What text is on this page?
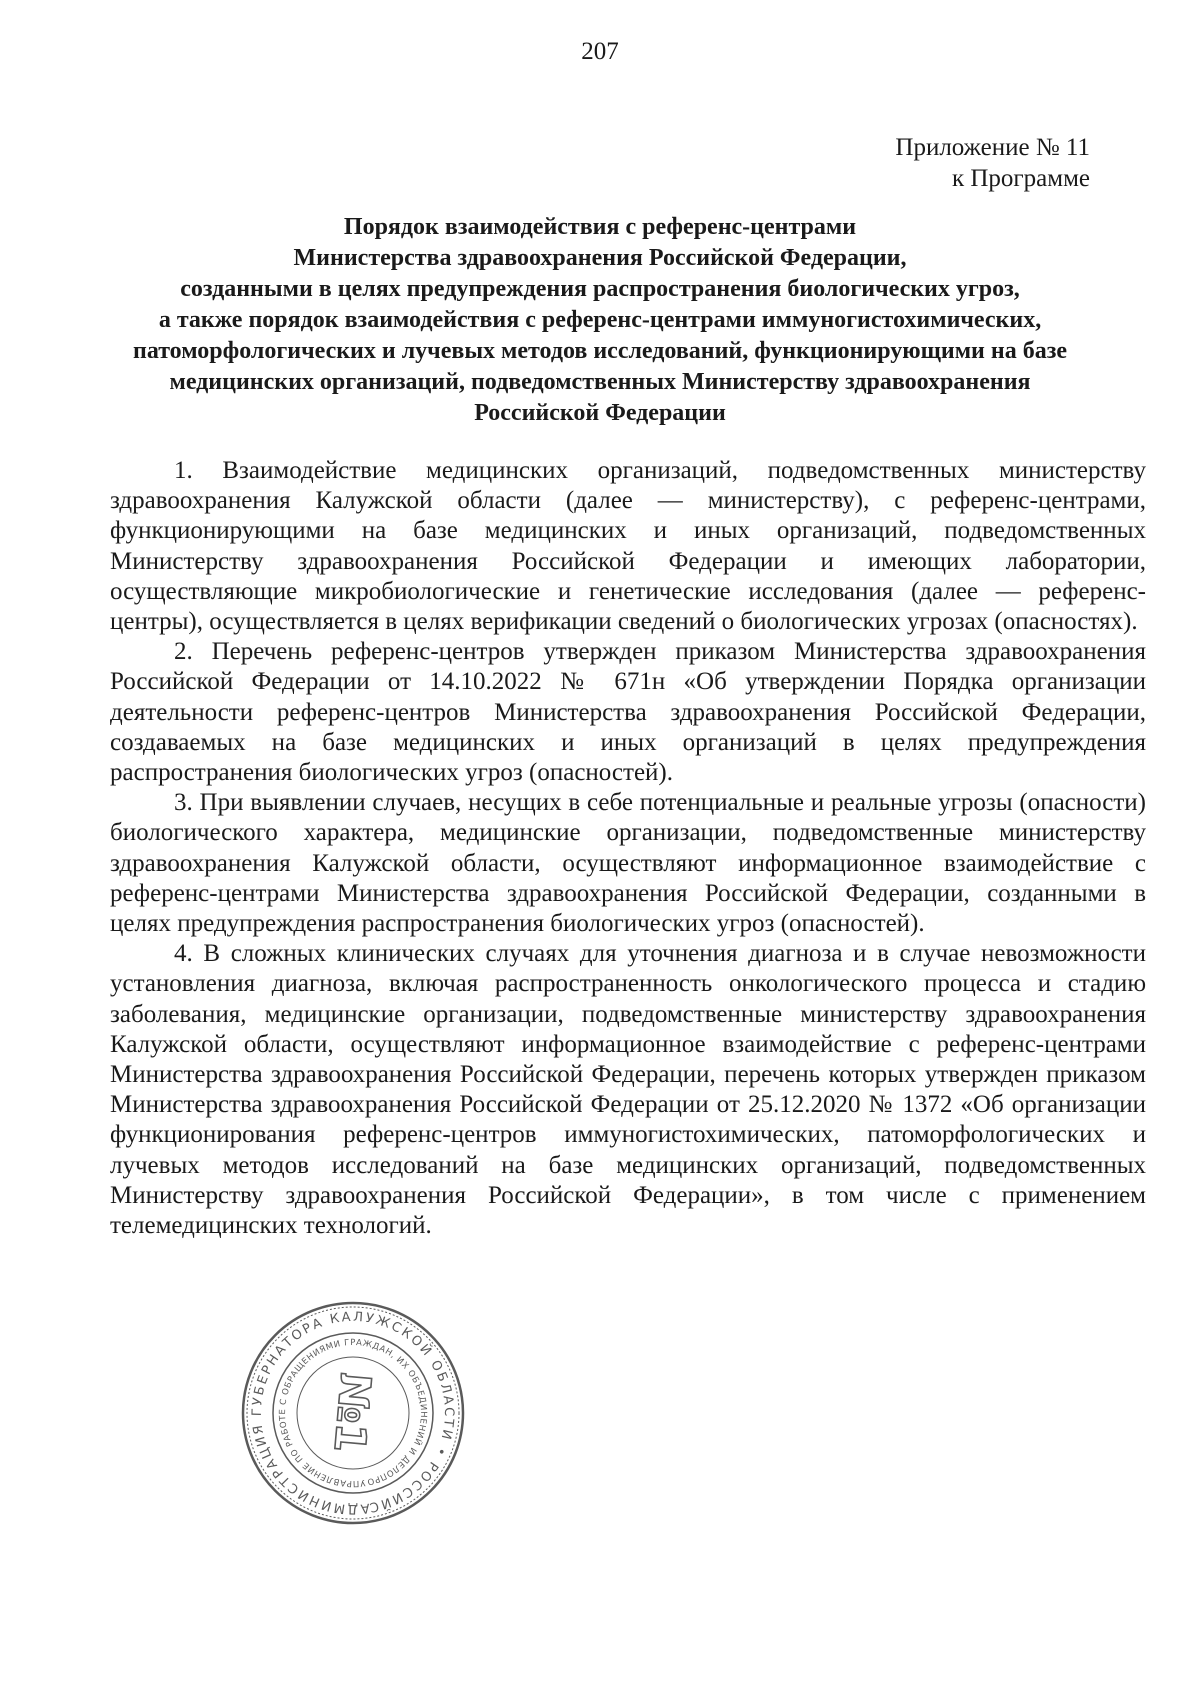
207
Приложение № 11
к Программе
Порядок взаимодействия с референс-центрами
Министерства здравоохранения Российской Федерации,
созданными в целях предупреждения распространения биологических угроз,
а также порядок взаимодействия с референс-центрами иммуногистохимических,
патоморфологических и лучевых методов исследований, функционирующими на базе
медицинских организаций, подведомственных Министерству здравоохранения
Российской Федерации

1. Взаимодействие медицинских организаций, подведомственных министерству здравоохранения Калужской области (далее — министерству), с референс-центрами, функционирующими на базе медицинских и иных организаций, подведомственных Министерству здравоохранения Российской Федерации и имеющих лаборатории, осуществляющие микробиологические и генетические исследования (далее — референс-центры), осуществляется в целях верификации сведений о биологических угрозах (опасностях).

2. Перечень референс-центров утвержден приказом Министерства здравоохранения Российской Федерации от 14.10.2022 № 671н «Об утверждении Порядка организации деятельности референс-центров Министерства здравоохранения Российской Федерации, создаваемых на базе медицинских и иных организаций в целях предупреждения распространения биологических угроз (опасностей).

3. При выявлении случаев, несущих в себе потенциальные и реальные угрозы (опасности) биологического характера, медицинские организации, подведомственные министерству здравоохранения Калужской области, осуществляют информационное взаимодействие с референс-центрами Министерства здравоохранения Российской Федерации, созданными в целях предупреждения распространения биологических угроз (опасностей).

4. В сложных клинических случаях для уточнения диагноза и в случае невозможности установления диагноза, включая распространенность онкологического процесса и стадию заболевания, медицинские организации, подведомственные министерству здравоохранения Калужской области, осуществляют информационное взаимодействие с референс-центрами Министерства здравоохранения Российской Федерации, перечень которых утвержден приказом Министерства здравоохранения Российской Федерации от 25.12.2020 № 1372 «Об организации функционирования референс-центров иммуногистохимических, патоморфологических и лучевых методов исследований на базе медицинских организаций, подведомственных Министерству здравоохранения Российской Федерации», в том числе с применением телемедицинских технологий.

АДМИНИСТРАЦИЯ ГУБЕРНАТОРА КАЛУЖСКОЙ ОБЛАСТИ • РОССИЙСКАЯ
УПРАВЛЕНИЕ ПО РАБОТЕ С ОБРАЩЕНИЯМИ ГРАЖДАН, ИХ ОБЪЕДИНЕНИЙ И ДЕЛОПРОИЗВОДСТВА
№1
